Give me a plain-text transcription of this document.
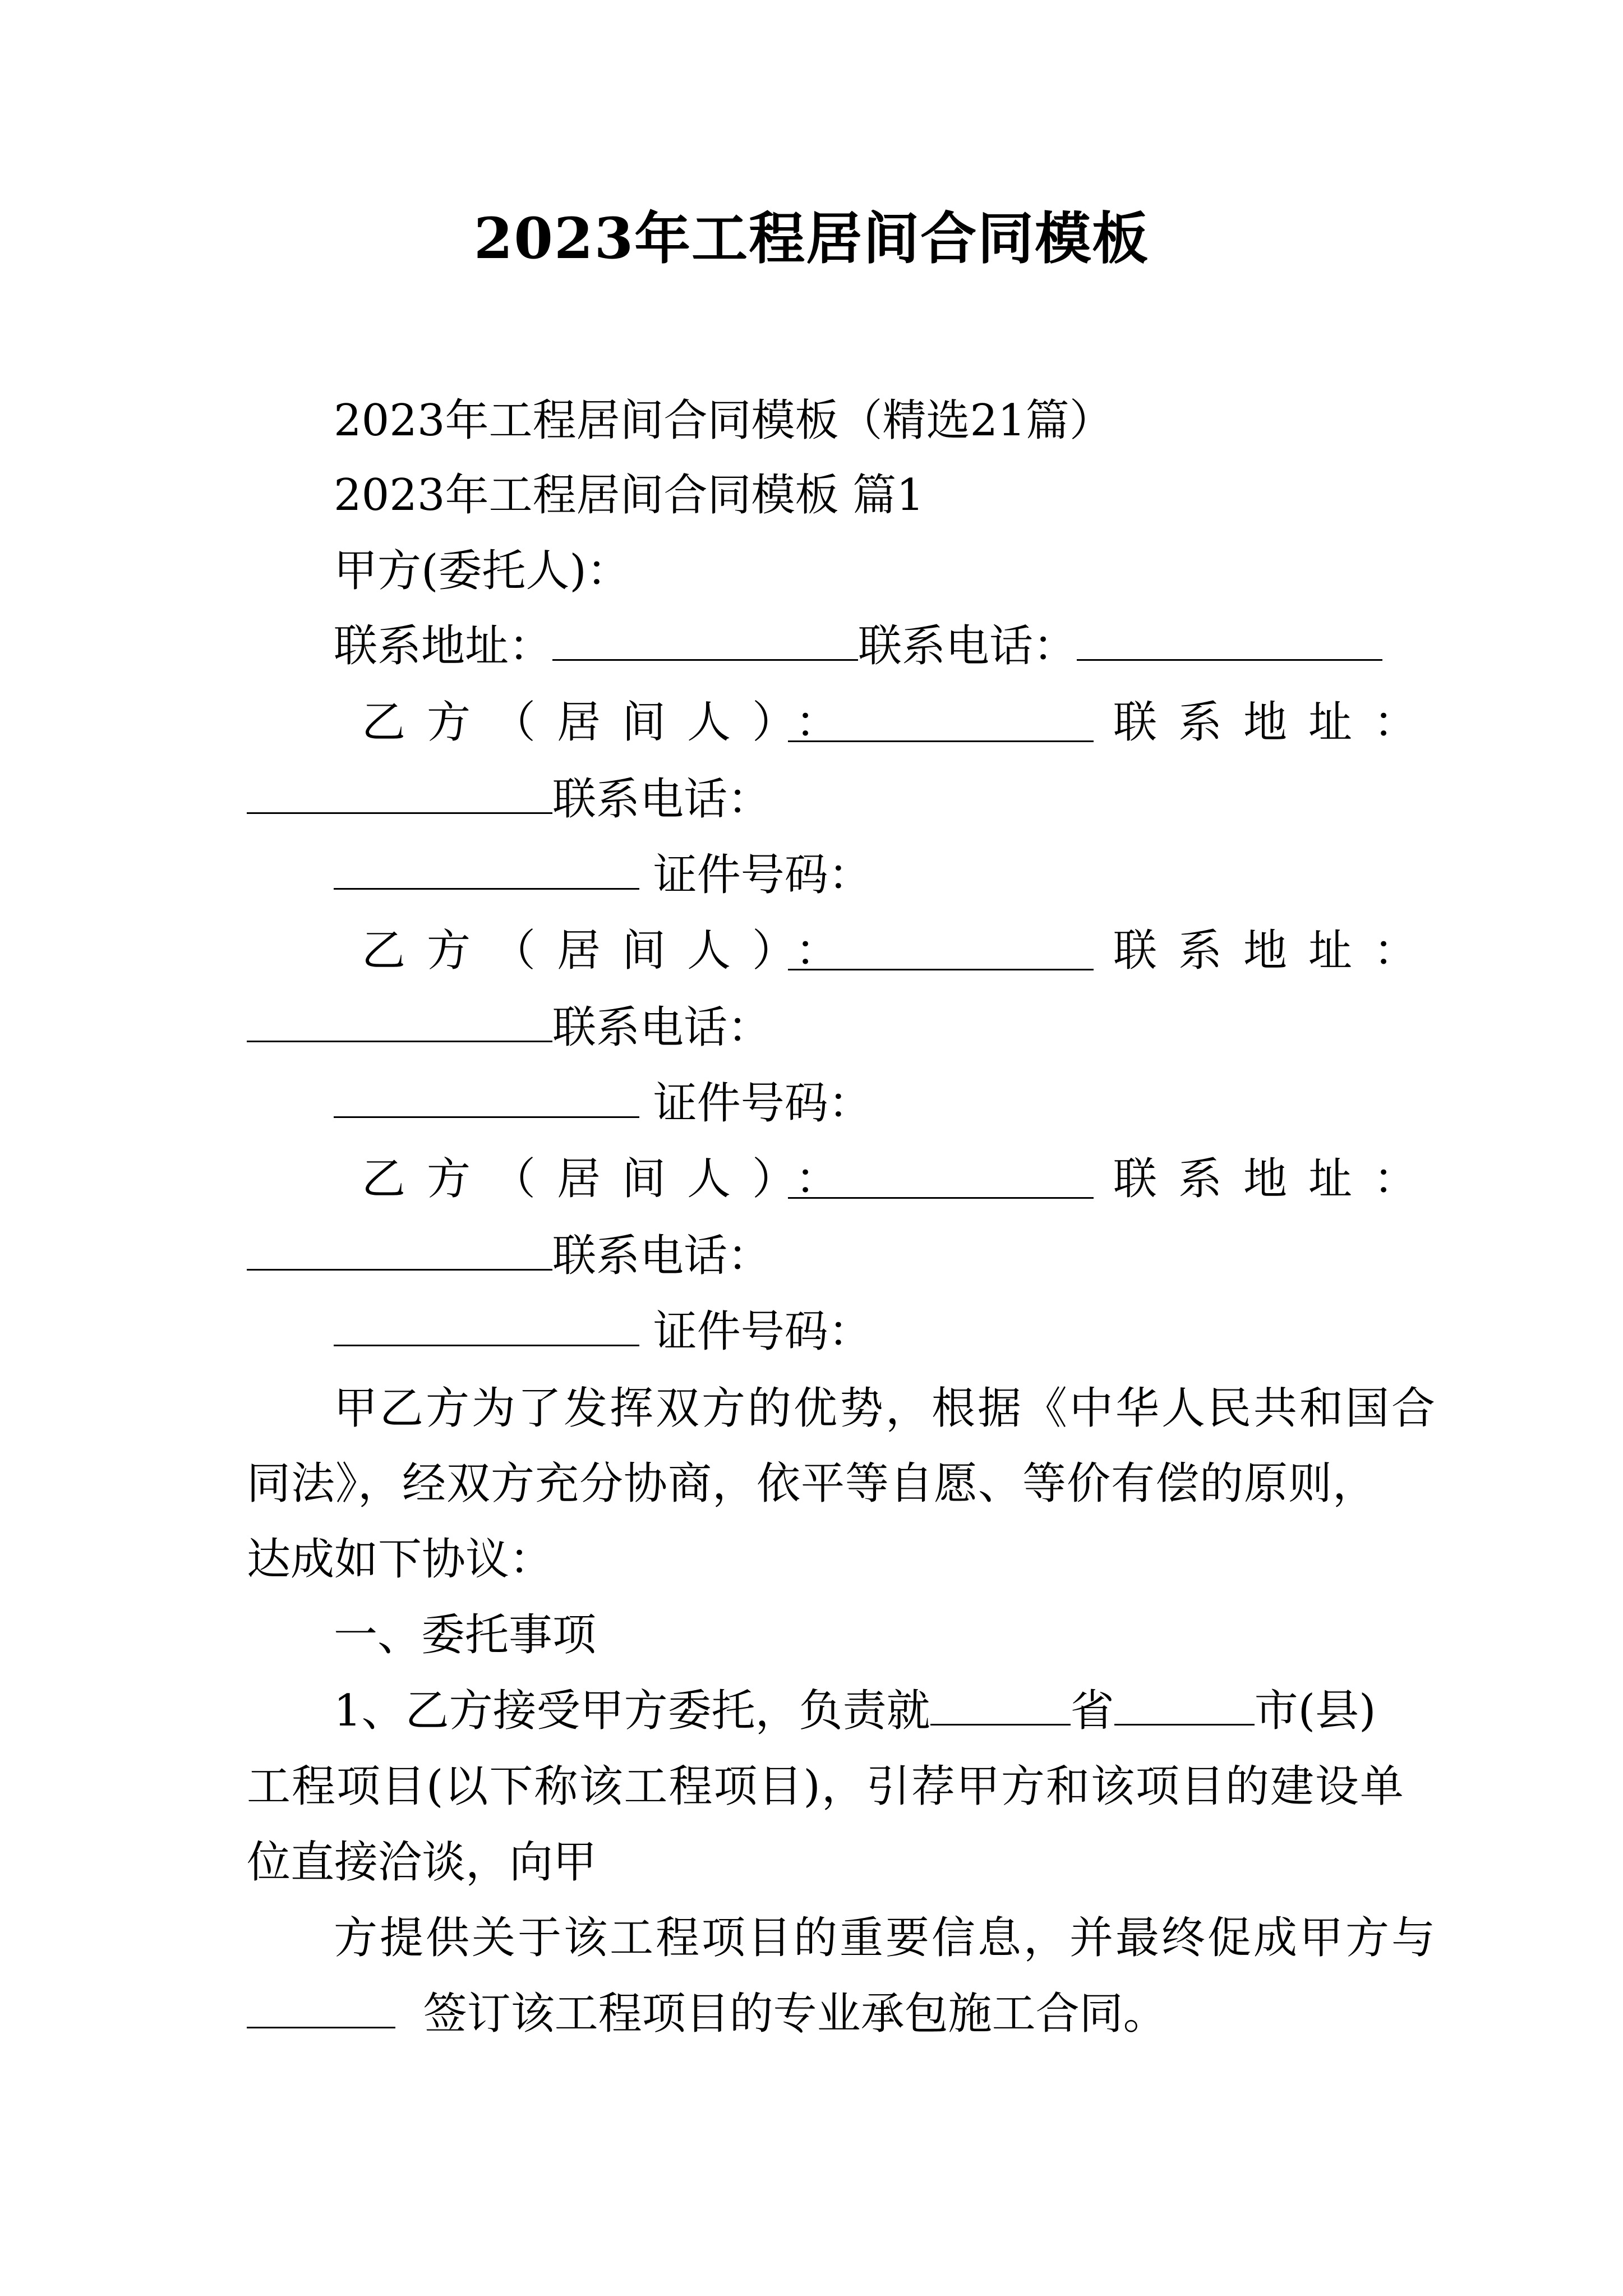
2023年工程居间合同模板
2023年工程居间合同模板（精选21篇）
2023年工程居间合同模板 篇1
甲方(委托人)：
联系地址：	联系电话：
乙方（居间人）：	联系地址：
联系电话：
证件号码：
乙方（居间人）：	联系地址：
联系电话：
证件号码：
乙方（居间人）：	联系地址：
联系电话：
证件号码：
甲乙方为了发挥双方的优势，根据《中华人民共和国合
同法》，经双方充分协商，依平等自愿、等价有偿的原则，
达成如下协议：
一、委托事项
1、乙方接受甲方委托，负责就	省	市(县)
工程项目(以下称该工程项目)，引荐甲方和该项目的建设单
位直接洽谈，向甲
方提供关于该工程项目的重要信息，并最终促成甲方与
签订该工程项目的专业承包施工合同。
